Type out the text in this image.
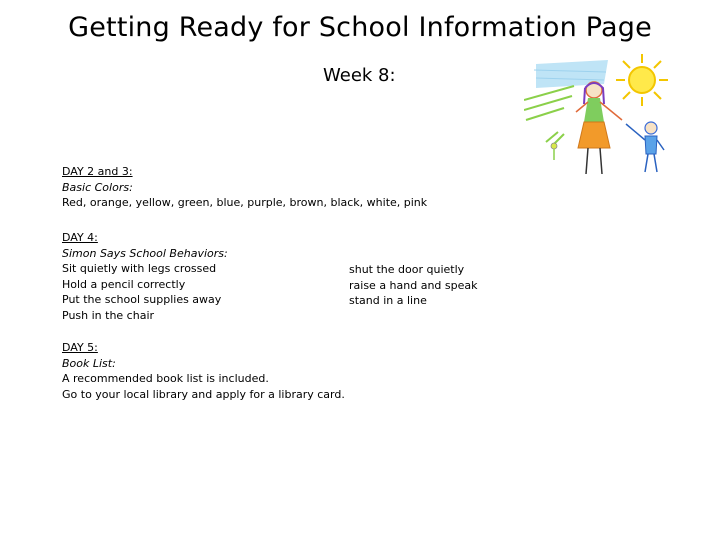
Getting Ready for School Information Page
Week 8:
DAY 2 and 3:
Basic Colors:
Red, orange, yellow, green, blue, purple, brown, black, white, pink
DAY 4:
Simon Says School Behaviors:
Sit quietly with legs crossed
Hold a pencil correctly
Put the school supplies away
Push in the chair
shut the door quietly
raise a hand and speak
stand in a line
DAY 5:
Book List:
A recommended book list is included.
Go to your local library and apply for a library card.
